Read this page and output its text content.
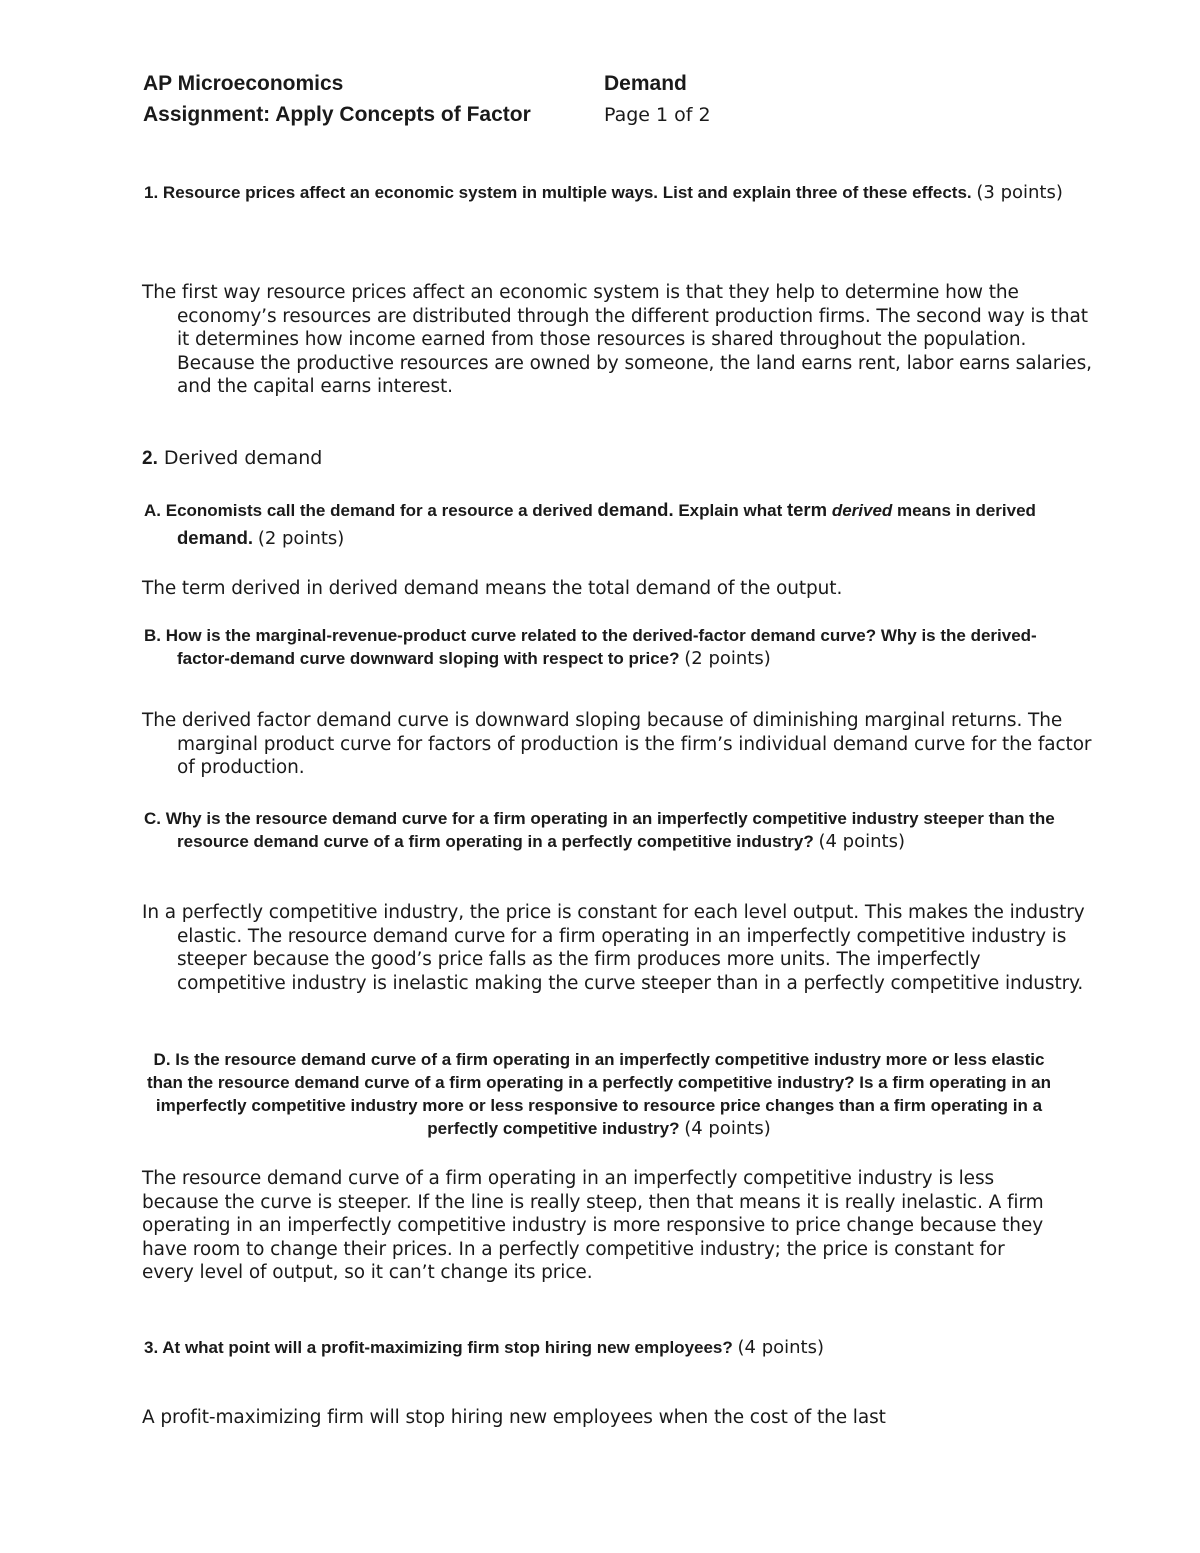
AP Microeconomics	Demand
Assignment: Apply Concepts of Factor	Page 1 of 2
1. Resource prices affect an economic system in multiple ways. List and explain three of these effects. (3 points)
The first way resource prices affect an economic system is that they help to determine how the economy’s resources are distributed through the different production firms. The second way is that it determines how income earned from those resources is shared throughout the population. Because the productive resources are owned by someone, the land earns rent, labor earns salaries, and the capital earns interest.
2. Derived demand
A. Economists call the demand for a resource a derived demand. Explain what term derived means in derived demand. (2 points)
The term derived in derived demand means the total demand of the output.
B. How is the marginal-revenue-product curve related to the derived-factor demand curve? Why is the derived-factor-demand curve downward sloping with respect to price? (2 points)
The derived factor demand curve is downward sloping because of diminishing marginal returns. The marginal product curve for factors of production is the firm’s individual demand curve for the factor of production.
C. Why is the resource demand curve for a firm operating in an imperfectly competitive industry steeper than the resource demand curve of a firm operating in a perfectly competitive industry? (4 points)
In a perfectly competitive industry, the price is constant for each level output. This makes the industry elastic. The resource demand curve for a firm operating in an imperfectly competitive industry is steeper because the good’s price falls as the firm produces more units. The imperfectly competitive industry is inelastic making the curve steeper than in a perfectly competitive industry.
D. Is the resource demand curve of a firm operating in an imperfectly competitive industry more or less elastic than the resource demand curve of a firm operating in a perfectly competitive industry? Is a firm operating in an imperfectly competitive industry more or less responsive to resource price changes than a firm operating in a perfectly competitive industry? (4 points)
The resource demand curve of a firm operating in an imperfectly competitive industry is less because the curve is steeper. If the line is really steep, then that means it is really inelastic. A firm operating in an imperfectly competitive industry is more responsive to price change because they have room to change their prices. In a perfectly competitive industry; the price is constant for every level of output, so it can’t change its price.
3. At what point will a profit-maximizing firm stop hiring new employees? (4 points)
A profit-maximizing firm will stop hiring new employees when the cost of the last
